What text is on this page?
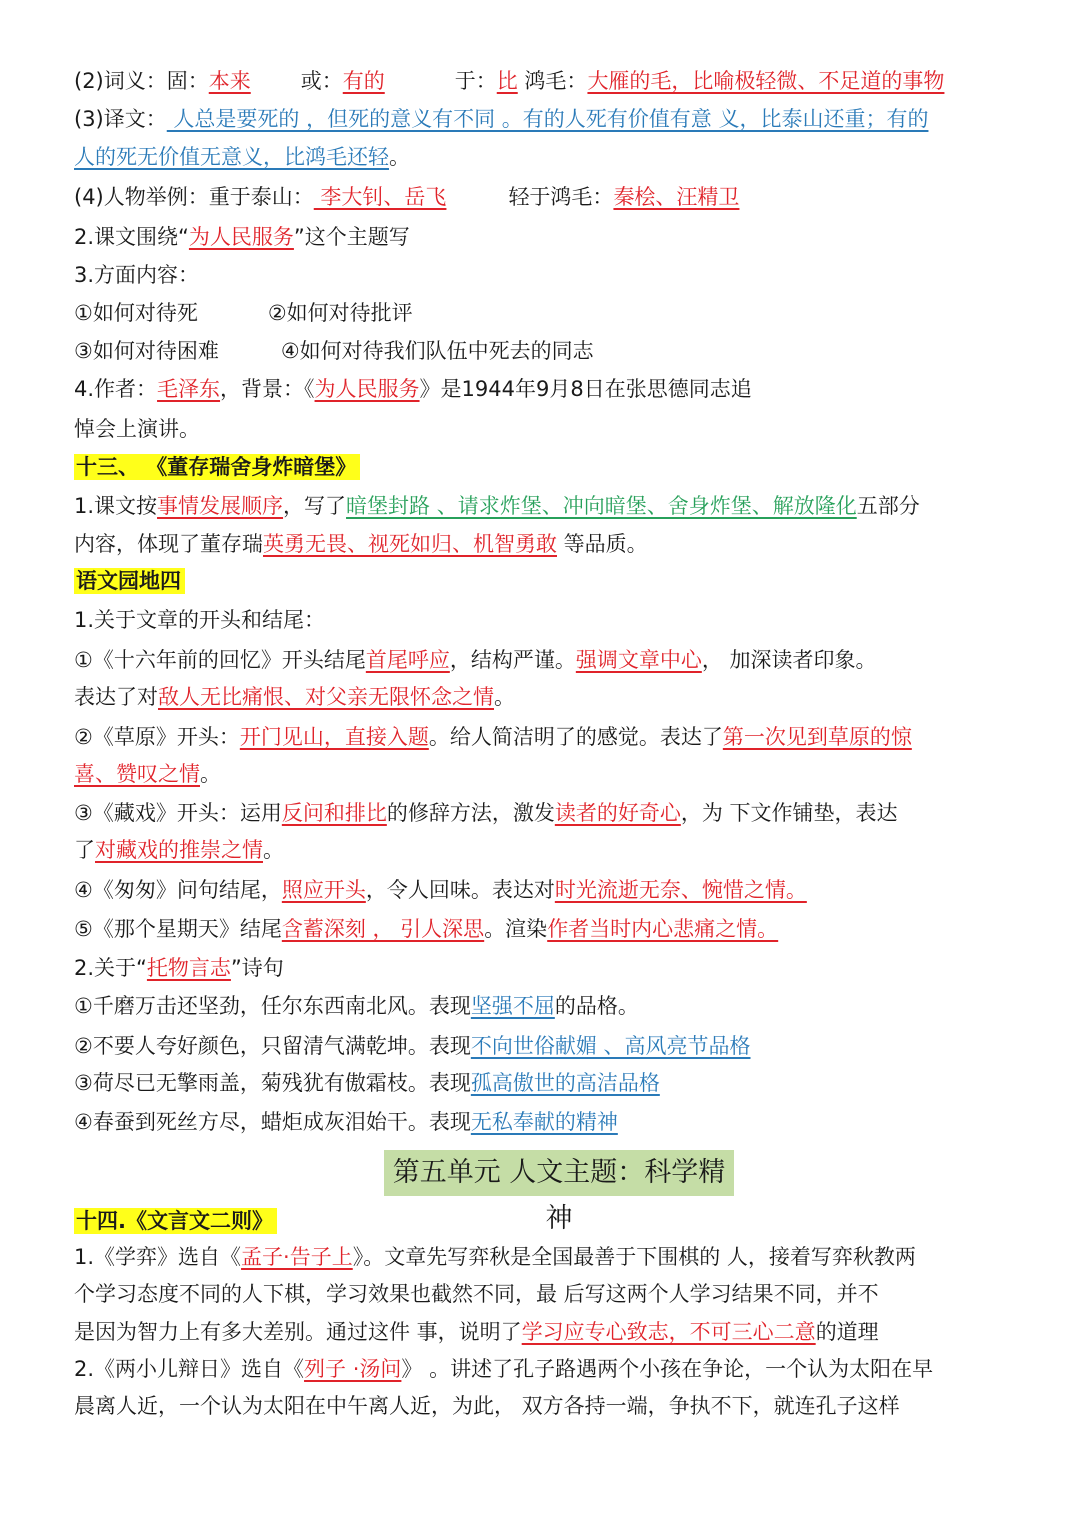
(2)词义：固：本来 或：有的	于：比 鸿毛：大雁的毛，比喻极轻微、不足道的事物
(3)译文： 人总是要死的 ，但死的意义有不同 。有的人死有价值有意 义，比泰山还重；有的
人的死无价值无意义，比鸿毛还轻。
(4)人物举例：重于泰山： 李大钊、岳飞	轻于鸿毛：秦桧、汪精卫
2.课文围绕“为人民服务”这个主题写
3.方面内容：
①如何对待死	②如何对待批评
③如何对待困难	④如何对待我们队伍中死去的同志
4.作者：毛泽东，背景：《为人民服务》是1944年9月8日在张思德同志追
悼会上演讲。
十三、 《董存瑞舍身炸暗堡》
1.课文按事情发展顺序，写了暗堡封路 、请求炸堡、冲向暗堡、舍身炸堡、解放隆化五部分
内容，体现了董存瑞英勇无畏、视死如归、机智勇敢 等品质。
语文园地四
1.关于文章的开头和结尾：
①《十六年前的回忆》开头结尾首尾呼应，结构严谨。强调文章中心， 加深读者印象。
表达了对敌人无比痛恨、对父亲无限怀念之情。
②《草原》开头：开门见山，直接入题。给人简洁明了的感觉。表达了第一次见到草原的惊
喜、赞叹之情。
③《藏戏》开头：运用反问和排比的修辞方法，激发读者的好奇心，为 下文作铺垫，表达
了对藏戏的推崇之情。
④《匆匆》问句结尾，照应开头，令人回味。表达对时光流逝无奈、惋惜之情。
⑤《那个星期天》结尾含蓄深刻 ， 引人深思。渲染作者当时内心悲痛之情。
2.关于“托物言志”诗句
①千磨万击还坚劲，任尔东西南北风。表现坚强不屈的品格。
②不要人夸好颜色，只留清气满乾坤。表现不向世俗献媚 、高风亮节品格
③荷尽已无擎雨盖，菊残犹有傲霜枝。表现孤高傲世的高洁品格
④春蚕到死丝方尽，蜡炬成灰泪始干。表现无私奉献的精神
第五单元 人文主题：科学精神
十四.《文言文二则》
1.《学弈》选自《孟子·告子上》。文章先写弈秋是全国最善于下围棋的 人，接着写弈秋教两
个学习态度不同的人下棋，学习效果也截然不同，最 后写这两个人学习结果不同，并不
是因为智力上有多大差别。通过这件 事，说明了学习应专心致志，不可三心二意的道理
2.《两小儿辩日》选自《列子 ·汤问》 。讲述了孔子路遇两个小孩在争论，一个认为太阳在早
晨离人近，一个认为太阳在中午离人近，为此， 双方各持一端，争执不下，就连孔子这样
